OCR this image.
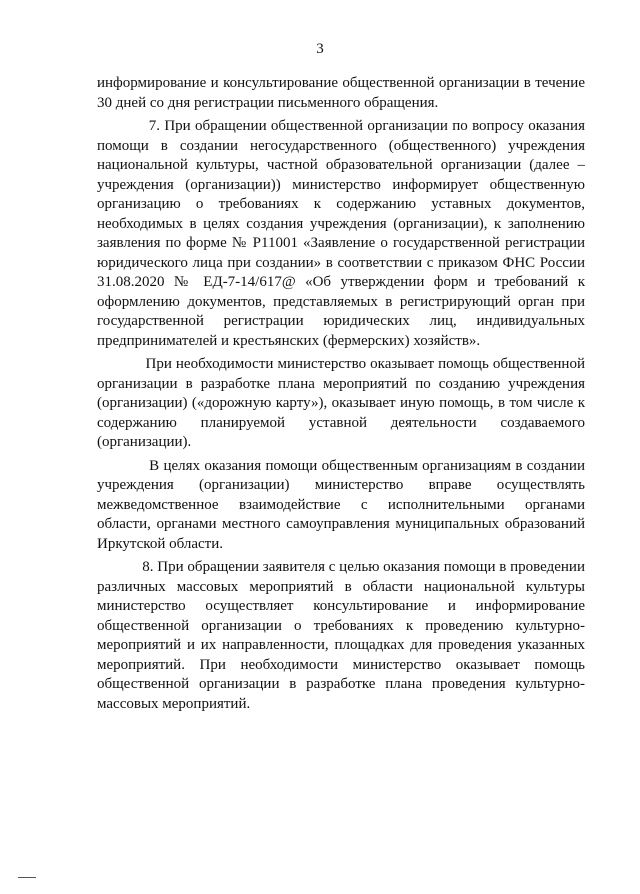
3
информирование и консультирование общественной организации в течение
30 дней со дня регистрации письменного обращения.
7. При обращении общественной организации по вопросу оказания
помощи в создании негосударственного (общественного) учреждения
национальной культуры, частной образовательной организации (далее –
учреждения (организации)) министерство информирует общественную
организацию о требованиях к содержанию уставных документов,
необходимых в целях создания учреждения (организации), к заполнению
заявления по форме № Р11001 «Заявление о государственной регистрации
юридического лица при создании» в соответствии с приказом ФНС России
31.08.2020 № ЕД-7-14/617@ «Об утверждении форм и требований к
оформлению документов, представляемых в регистрирующий орган при
государственной регистрации юридических лиц, индивидуальных
предпринимателей и крестьянских (фермерских) хозяйств».
При необходимости министерство оказывает помощь общественной
организации в разработке плана мероприятий по созданию учреждения
(организации) («дорожную карту»), оказывает иную помощь, в том числе к
содержанию планируемой уставной деятельности создаваемого
(организации).
В целях оказания помощи общественным организациям в создании
учреждения (организации) министерство вправе осуществлять
межведомственное взаимодействие с исполнительными органами
области, органами местного самоуправления муниципальных образований
Иркутской области.
8. При обращении заявителя с целью оказания помощи в проведении
различных массовых мероприятий в области национальной культуры
министерство осуществляет консультирование и информирование
общественной организации о требованиях к проведению культурно-
мероприятий и их направленности, площадках для проведения указанных
мероприятий. При необходимости министерство оказывает помощь
общественной организации в разработке плана проведения культурно-
массовых мероприятий.
